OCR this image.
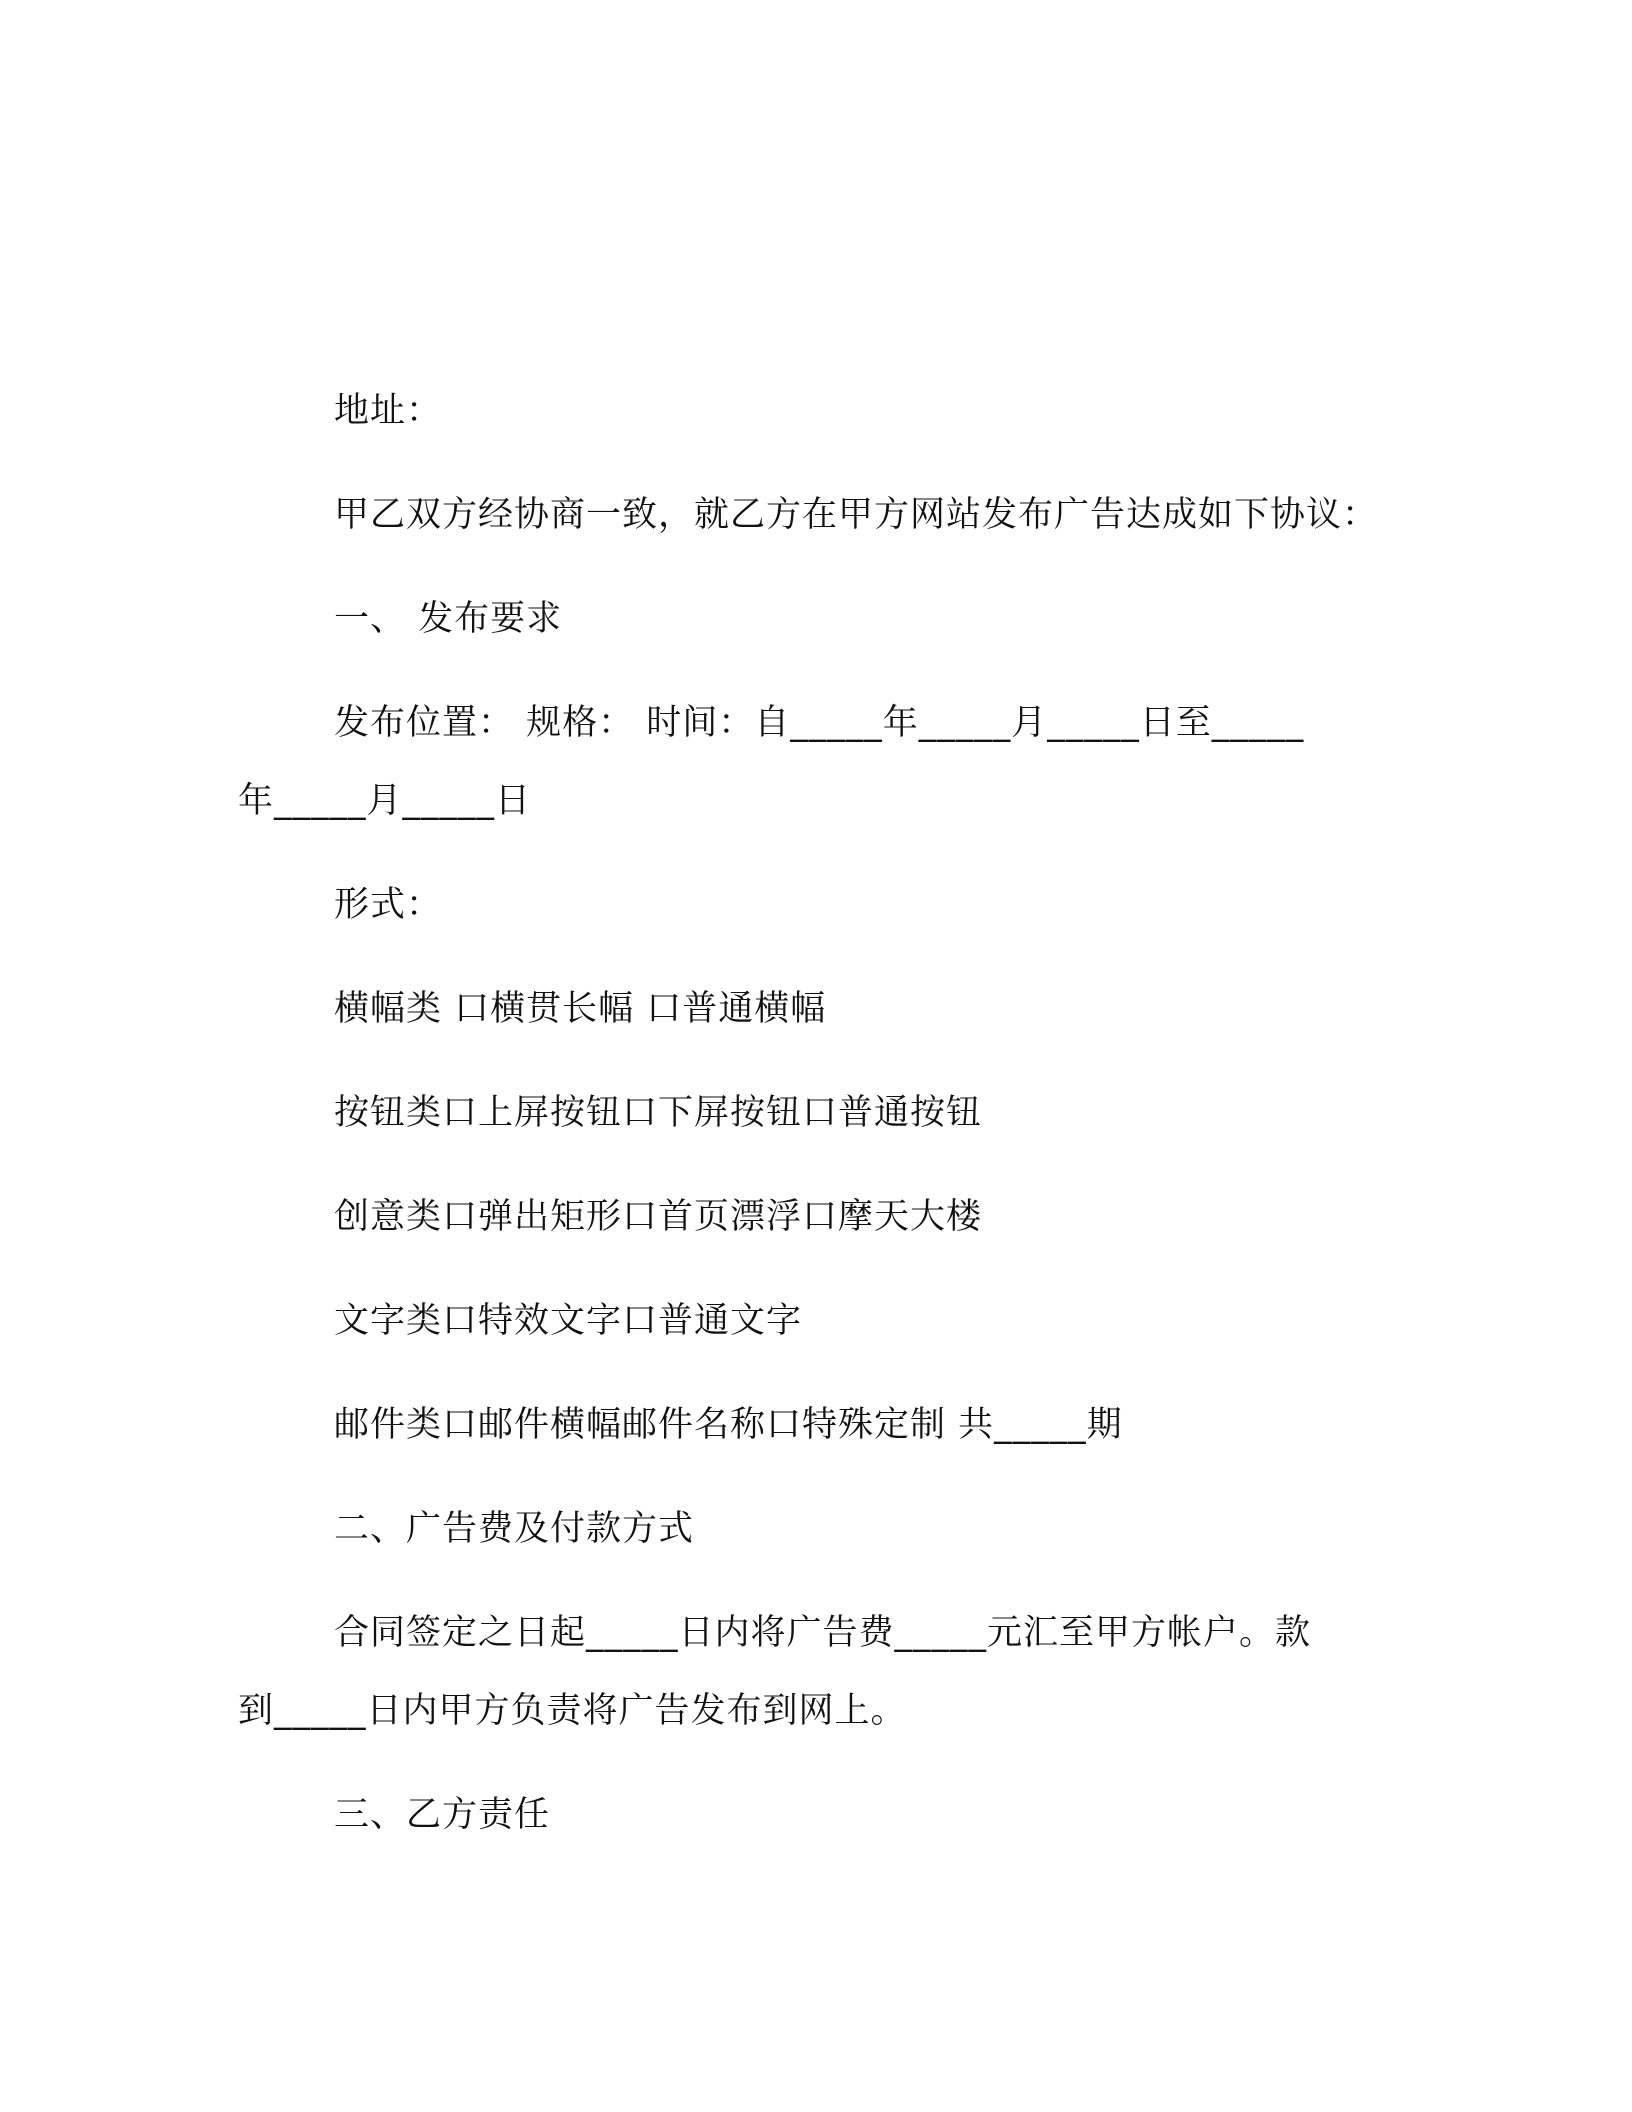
地址：
甲乙双方经协商一致，就乙方在甲方网站发布广告达成如下协议：
一、 发布要求
发布位置： 规格： 时间：自_____年_____月_____日至_____
年_____月_____日
形式：
横幅类 口横贯长幅 口普通横幅
按钮类口上屏按钮口下屏按钮口普通按钮
创意类口弹出矩形口首页漂浮口摩天大楼
文字类口特效文字口普通文字
邮件类口邮件横幅邮件名称口特殊定制 共_____期
二、广告费及付款方式
合同签定之日起_____日内将广告费_____元汇至甲方帐户。款
到_____日内甲方负责将广告发布到网上。
三、乙方责任
